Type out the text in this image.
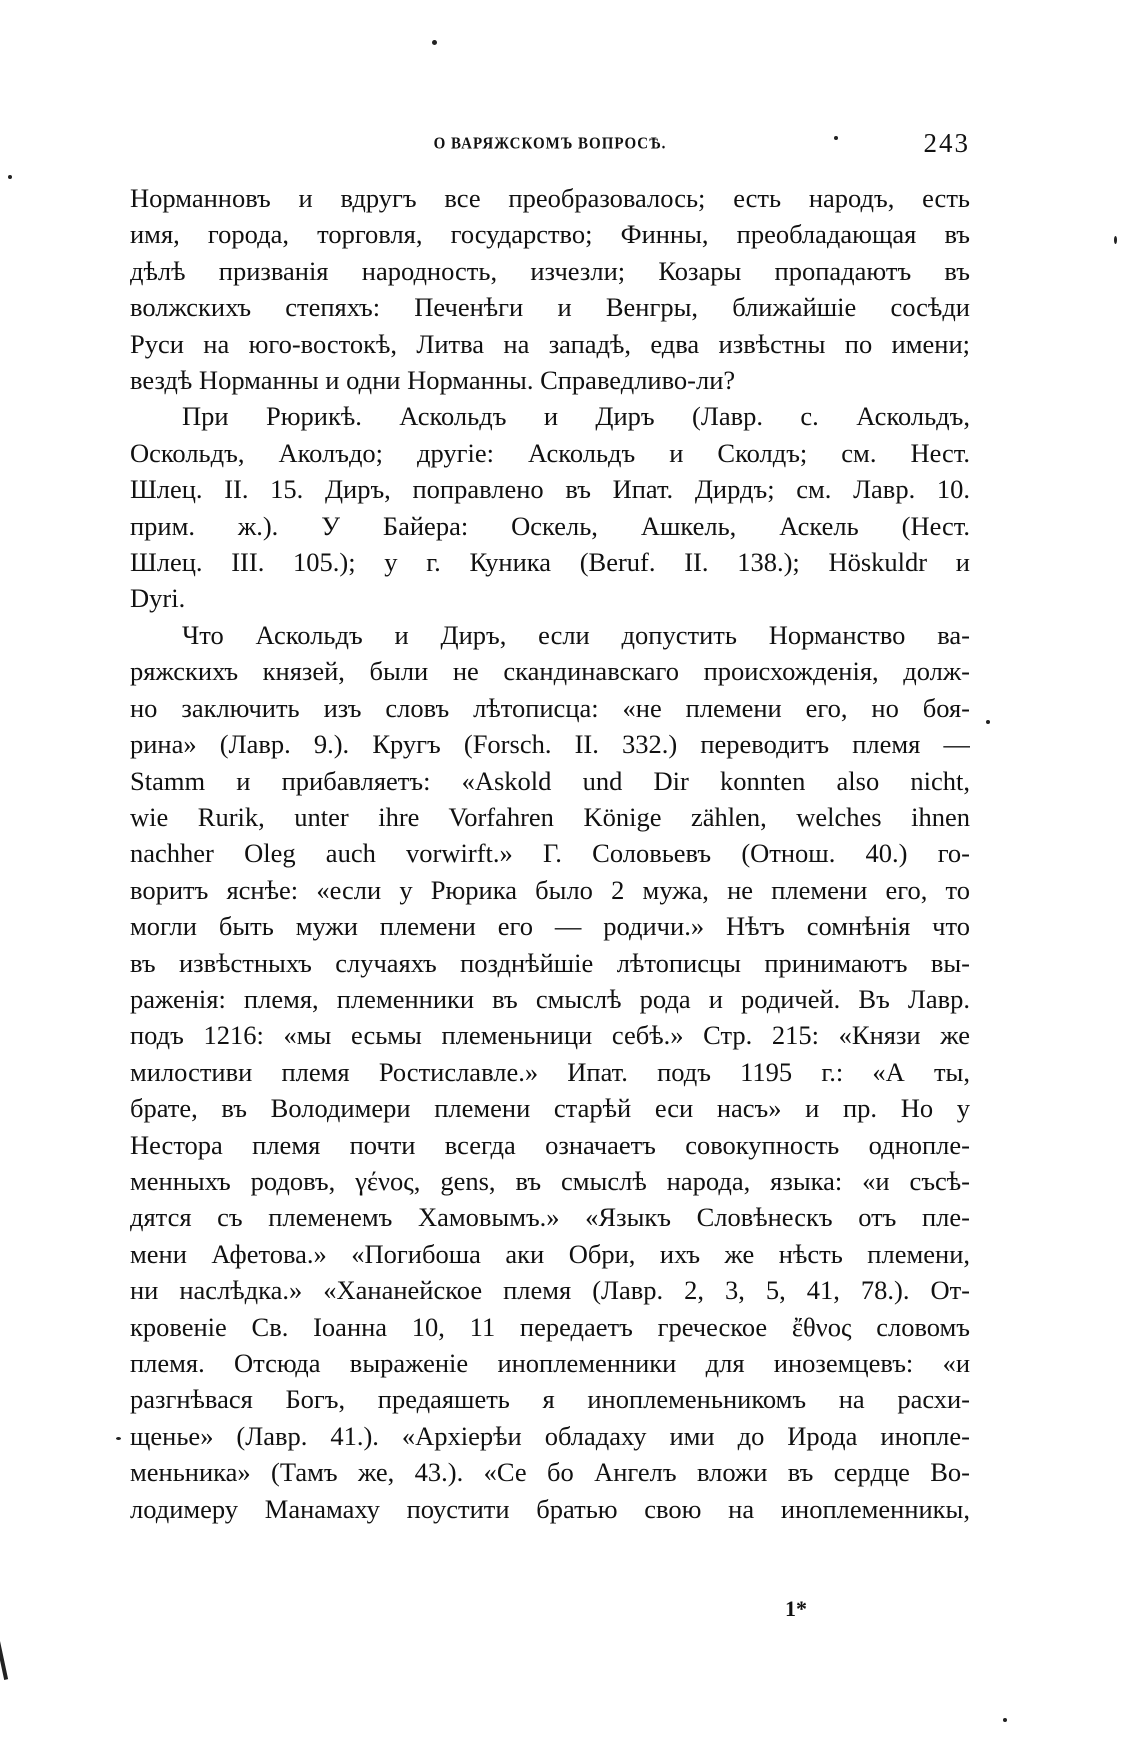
О ВАРЯЖСКОМЪ ВОПРОСѢ.	243

Норманновъ и вдругъ все преобразовалось; есть народъ, есть
имя, города, торговля, государство; Финны, преобладающая въ
дѣлѣ призванія народность, изчезли; Козары пропадаютъ въ
волжскихъ степяхъ: Печенѣги и Венгры, ближайшіе сосѣди
Руси на юго-востокѣ, Литва на западѣ, едва извѣстны по имени;
вездѣ Норманны и одни Норманны. Справедливо-ли?

При Рюрикѣ. Аскольдъ и Диръ (Лавр. с. Аскольдъ,
Оскольдъ, Аколъдо; другіе: Аскольдъ и Сколдъ; см. Нест.
Шлец. II. 15. Диръ, поправлено въ Ипат. Дирдъ; см. Лавр. 10.
прим. ж.). У Байера: Оскель, Ашкель, Аскель (Нест.
Шлец. III. 105.); у г. Куника (Beruf. II. 138.); Höskuldr и
Dyri.

Что Аскольдъ и Диръ, если допустить Норманство ва-
ряжскихъ князей, были не скандинавскаго происхожденія, долж-
но заключить изъ словъ лѣтописца: «не племени его, но боя-
рина» (Лавр. 9.). Кругъ (Forsch. II. 332.) переводитъ племя —
Stamm и прибавляетъ: «Askold und Dir konnten also nicht,
wie Rurik, unter ihre Vorfahren Könige zählen, welches ihnen
nachher Oleg auch vorwirft.» Г. Соловьевъ (Отнош. 40.) го-
воритъ яснѣе: «если у Рюрика было 2 мужа, не племени его, то
могли быть мужи племени его — родичи.» Нѣтъ сомнѣнія что
въ извѣстныхъ случаяхъ позднѣйшіе лѣтописцы принимаютъ вы-
раженія: племя, племенники въ смыслѣ рода и родичей. Въ Лавр.
подъ 1216: «мы есьмы племеньници себѣ.» Стр. 215: «Князи же
милостиви племя Ростиславле.» Ипат. подъ 1195 г.: «А ты,
брате, въ Володимери племени старѣй еси насъ» и пр. Но у
Нестора племя почти всегда означаетъ совокупность однопле-
менныхъ родовъ, γένος, gens, въ смыслѣ народа, языка: «и съсѣ-
дятся съ племенемъ Хамовымъ.» «Языкъ Словѣнескъ отъ пле-
мени Афетова.» «Погибоша аки Обри, ихъ же нѣсть племени,
ни наслѣдка.» «Хананейское племя (Лавр. 2, 3, 5, 41, 78.). От-
кровеніе Св. Іоанна 10, 11 передаетъ греческое ἔθνος словомъ
племя. Отсюда выраженіе иноплеменники для иноземцевъ: «и
разгнѣвася Богъ, предаяшеть я иноплеменьникомъ на расхи-
щенье» (Лавр. 41.). «Архіерѣи обладаху ими до Ирода иноплe-
меньника» (Тамъ же, 43.). «Се бо Ангелъ вложи въ сердце Во-
лодимеру Манамаху поустити братью свою на иноплеменникы,

1*
